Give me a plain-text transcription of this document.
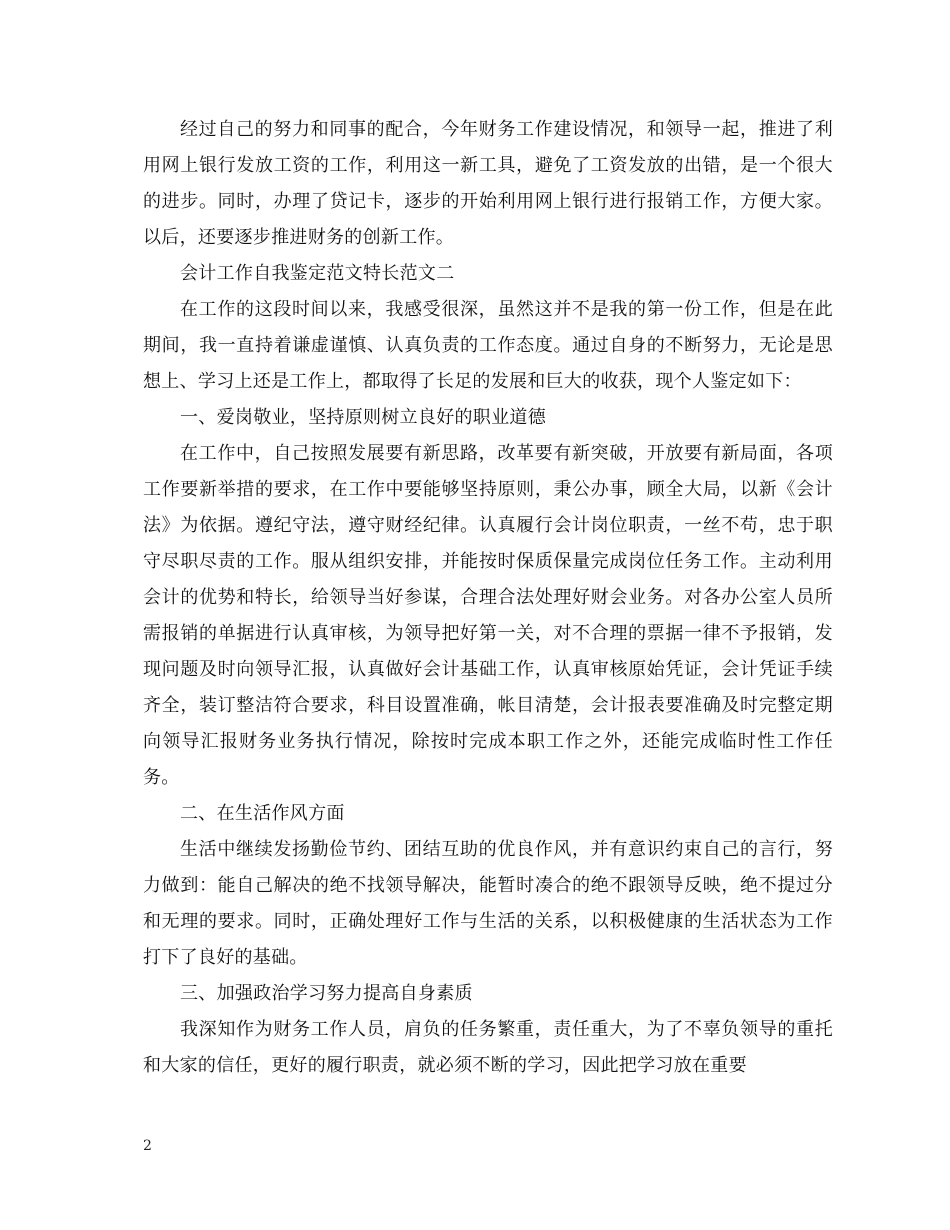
经过自己的努力和同事的配合，今年财务工作建设情况，和领导一起，推进了利用网上银行发放工资的工作，利用这一新工具，避免了工资发放的出错，是一个很大的进步。同时，办理了贷记卡，逐步的开始利用网上银行进行报销工作，方便大家。以后，还要逐步推进财务的创新工作。

会计工作自我鉴定范文特长范文二

在工作的这段时间以来，我感受很深，虽然这并不是我的第一份工作，但是在此期间，我一直持着谦虚谨慎、认真负责的工作态度。通过自身的不断努力，无论是思想上、学习上还是工作上，都取得了长足的发展和巨大的收获，现个人鉴定如下：

一、爱岗敬业，坚持原则树立良好的职业道德

在工作中，自己按照发展要有新思路，改革要有新突破，开放要有新局面，各项工作要新举措的要求，在工作中要能够坚持原则，秉公办事，顾全大局，以新《会计法》为依据。遵纪守法，遵守财经纪律。认真履行会计岗位职责，一丝不苟，忠于职守尽职尽责的工作。服从组织安排，并能按时保质保量完成岗位任务工作。主动利用会计的优势和特长，给领导当好参谋，合理合法处理好财会业务。对各办公室人员所需报销的单据进行认真审核，为领导把好第一关，对不合理的票据一律不予报销，发现问题及时向领导汇报，认真做好会计基础工作，认真审核原始凭证，会计凭证手续齐全，装订整洁符合要求，科目设置准确，帐目清楚，会计报表要准确及时完整定期向领导汇报财务业务执行情况，除按时完成本职工作之外，还能完成临时性工作任务。

二、在生活作风方面

生活中继续发扬勤俭节约、团结互助的优良作风，并有意识约束自己的言行，努力做到：能自己解决的绝不找领导解决，能暂时凑合的绝不跟领导反映，绝不提过分和无理的要求。同时，正确处理好工作与生活的关系，以积极健康的生活状态为工作打下了良好的基础。

三、加强政治学习努力提高自身素质

我深知作为财务工作人员，肩负的任务繁重，责任重大，为了不辜负领导的重托和大家的信任，更好的履行职责，就必须不断的学习，因此把学习放在重要

2
